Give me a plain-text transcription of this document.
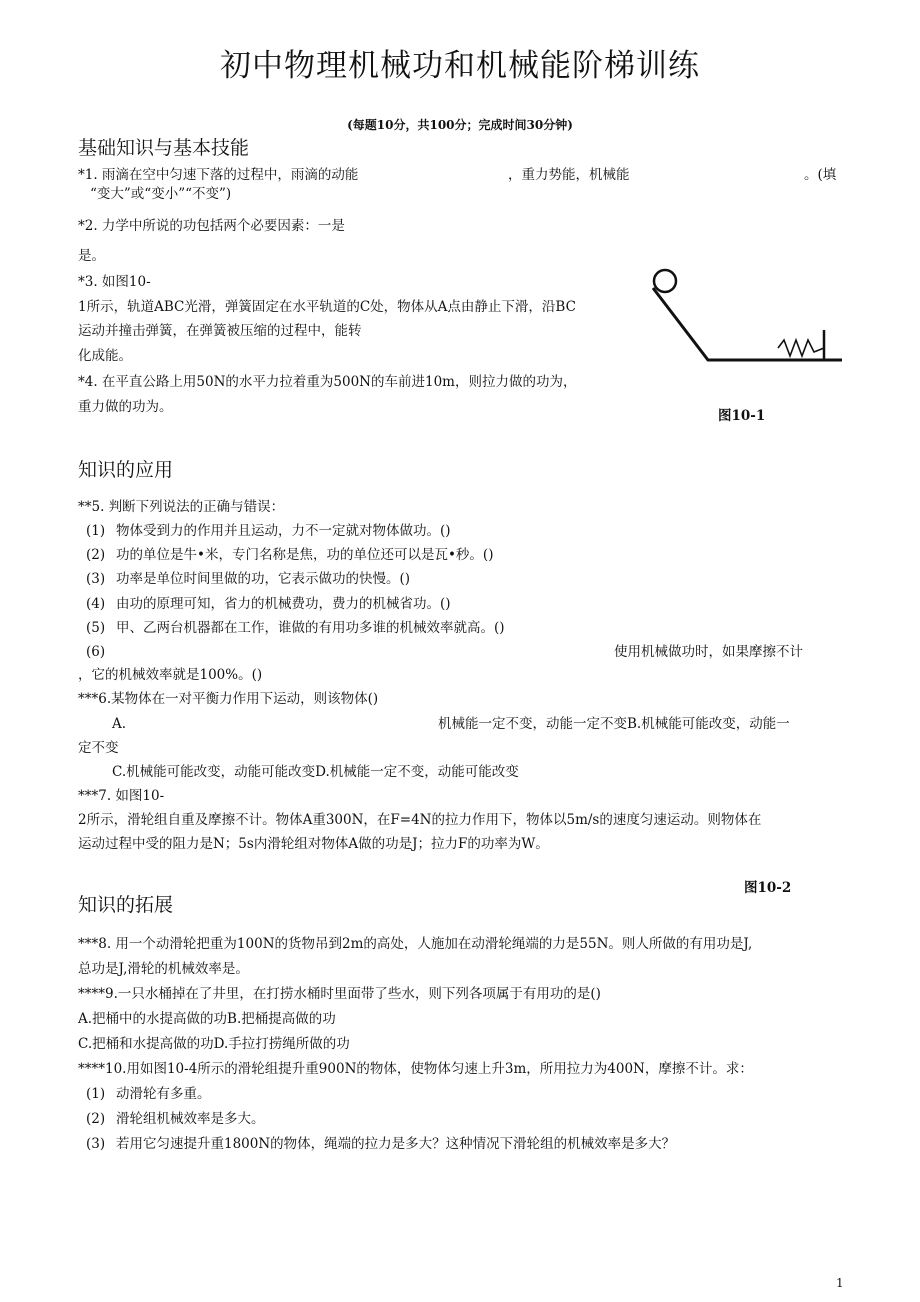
初中物理机械功和机械能阶梯训练
(每题10分，共100分；完成时间30分钟)
基础知识与基本技能
*1. 雨滴在空中匀速下落的过程中，雨滴的动能	，重力势能，机械能	。(填
“变大”或“变小”“不变”)
*2. 力学中所说的功包括两个必要因素：一是
是。
*3. 如图10-
1所示，轨道ABC光滑，弹簧固定在水平轨道的C处，物体从A点由静止下滑，沿BC
运动并撞击弹簧，在弹簧被压缩的过程中，能转
化成能。
*4. 在平直公路上用50N的水平力拉着重为500N的车前进10m，则拉力做的功为，
重力做的功为。
图10-1
知识的应用
**5. 判断下列说法的正确与错误：
(1) 物体受到力的作用并且运动，力不一定就对物体做功。()
(2) 功的单位是牛•米，专门名称是焦，功的单位还可以是瓦•秒。()
(3) 功率是单位时间里做的功，它表示做功的快慢。()
(4) 由功的原理可知，省力的机械费功，费力的机械省功。()
(5) 甲、乙两台机器都在工作，谁做的有用功多谁的机械效率就高。()
(6)	使用机械做功时，如果摩擦不计
，它的机械效率就是100%。()
***6.某物体在一对平衡力作用下运动，则该物体()
A.	机械能一定不变，动能一定不变B.机械能可能改变，动能一
定不变
C.机械能可能改变，动能可能改变D.机械能一定不变，动能可能改变
***7. 如图10-
2所示，滑轮组自重及摩擦不计。物体A重300N，在F=4N的拉力作用下，物体以5m/s的速度匀速运动。则物体在
运动过程中受的阻力是N；5s内滑轮组对物体A做的功是J；拉力F的功率为W。
图10-2
知识的拓展
***8. 用一个动滑轮把重为100N的货物吊到2m的高处，人施加在动滑轮绳端的力是55N。则人所做的有用功是J,
总功是J,滑轮的机械效率是。
****9.一只水桶掉在了井里，在打捞水桶时里面带了些水，则下列各项属于有用功的是()
A.把桶中的水提高做的功B.把桶提高做的功
C.把桶和水提高做的功D.手拉打捞绳所做的功
****10.用如图10-4所示的滑轮组提升重900N的物体，使物体匀速上升3m，所用拉力为400N，摩擦不计。求：
(1) 动滑轮有多重。
(2) 滑轮组机械效率是多大。
(3) 若用它匀速提升重1800N的物体，绳端的拉力是多大？这种情况下滑轮组的机械效率是多大？
1
